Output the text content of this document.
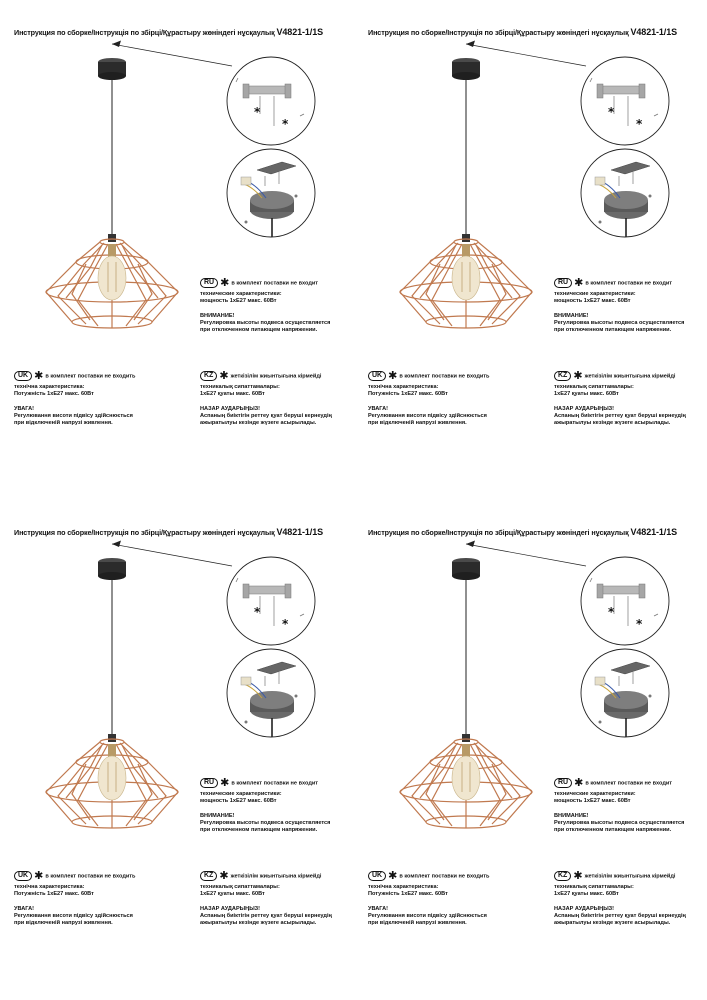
Инструкция по сборке/Інструкція по збірці/Құрастыру жөніндегі нұсқаулық V4821-1/1S
*
*
RU ✱ в комплект поставки не входит
технические характеристики:
мощность 1хЕ27 макс. 60Вт
ВНИМАНИЕ!
Регулировка высоты подвеса осуществляется
при отключенном питающем напряжении.
UK ✱ в комплект поставки не входить
технічна характеристика:
Потужність 1хЕ27 макс. 60Вт
УВАГА!
Регулювання висоти підвісу здійснюється
при відключеній напрузі живлення.
KZ ✱ жеткізілім жиынтығына кірмейді
техникалық сипаттамалары:
1хЕ27 қуаты макс. 60Вт
НАЗАР АУДАРЫҢЫЗ!
Аспаның биіктігін реттеу қуат беруші кернеудің
ажыратылуы кезінде жүзеге асырылады.
Инструкция по сборке/Інструкція по збірці/Құрастыру жөніндегі нұсқаулық V4821-1/1S
*
*
RU ✱ в комплект поставки не входит
технические характеристики:
мощность 1хЕ27 макс. 60Вт
ВНИМАНИЕ!
Регулировка высоты подвеса осуществляется
при отключенном питающем напряжении.
UK ✱ в комплект поставки не входить
технічна характеристика:
Потужність 1хЕ27 макс. 60Вт
УВАГА!
Регулювання висоти підвісу здійснюється
при відключеній напрузі живлення.
KZ ✱ жеткізілім жиынтығына кірмейді
техникалық сипаттамалары:
1хЕ27 қуаты макс. 60Вт
НАЗАР АУДАРЫҢЫЗ!
Аспаның биіктігін реттеу қуат беруші кернеудің
ажыратылуы кезінде жүзеге асырылады.
Инструкция по сборке/Інструкція по збірці/Құрастыру жөніндегі нұсқаулық V4821-1/1S
*
*
RU ✱ в комплект поставки не входит
технические характеристики:
мощность 1хЕ27 макс. 60Вт
ВНИМАНИЕ!
Регулировка высоты подвеса осуществляется
при отключенном питающем напряжении.
UK ✱ в комплект поставки не входить
технічна характеристика:
Потужність 1хЕ27 макс. 60Вт
УВАГА!
Регулювання висоти підвісу здійснюється
при відключеній напрузі живлення.
KZ ✱ жеткізілім жиынтығына кірмейді
техникалық сипаттамалары:
1хЕ27 қуаты макс. 60Вт
НАЗАР АУДАРЫҢЫЗ!
Аспаның биіктігін реттеу қуат беруші кернеудің
ажыратылуы кезінде жүзеге асырылады.
Инструкция по сборке/Інструкція по збірці/Құрастыру жөніндегі нұсқаулық V4821-1/1S
*
*
RU ✱ в комплект поставки не входит
технические характеристики:
мощность 1хЕ27 макс. 60Вт
ВНИМАНИЕ!
Регулировка высоты подвеса осуществляется
при отключенном питающем напряжении.
UK ✱ в комплект поставки не входить
технічна характеристика:
Потужність 1хЕ27 макс. 60Вт
УВАГА!
Регулювання висоти підвісу здійснюється
при відключеній напрузі живлення.
KZ ✱ жеткізілім жиынтығына кірмейді
техникалық сипаттамалары:
1хЕ27 қуаты макс. 60Вт
НАЗАР АУДАРЫҢЫЗ!
Аспаның биіктігін реттеу қуат беруші кернеудің
ажыратылуы кезінде жүзеге асырылады.
